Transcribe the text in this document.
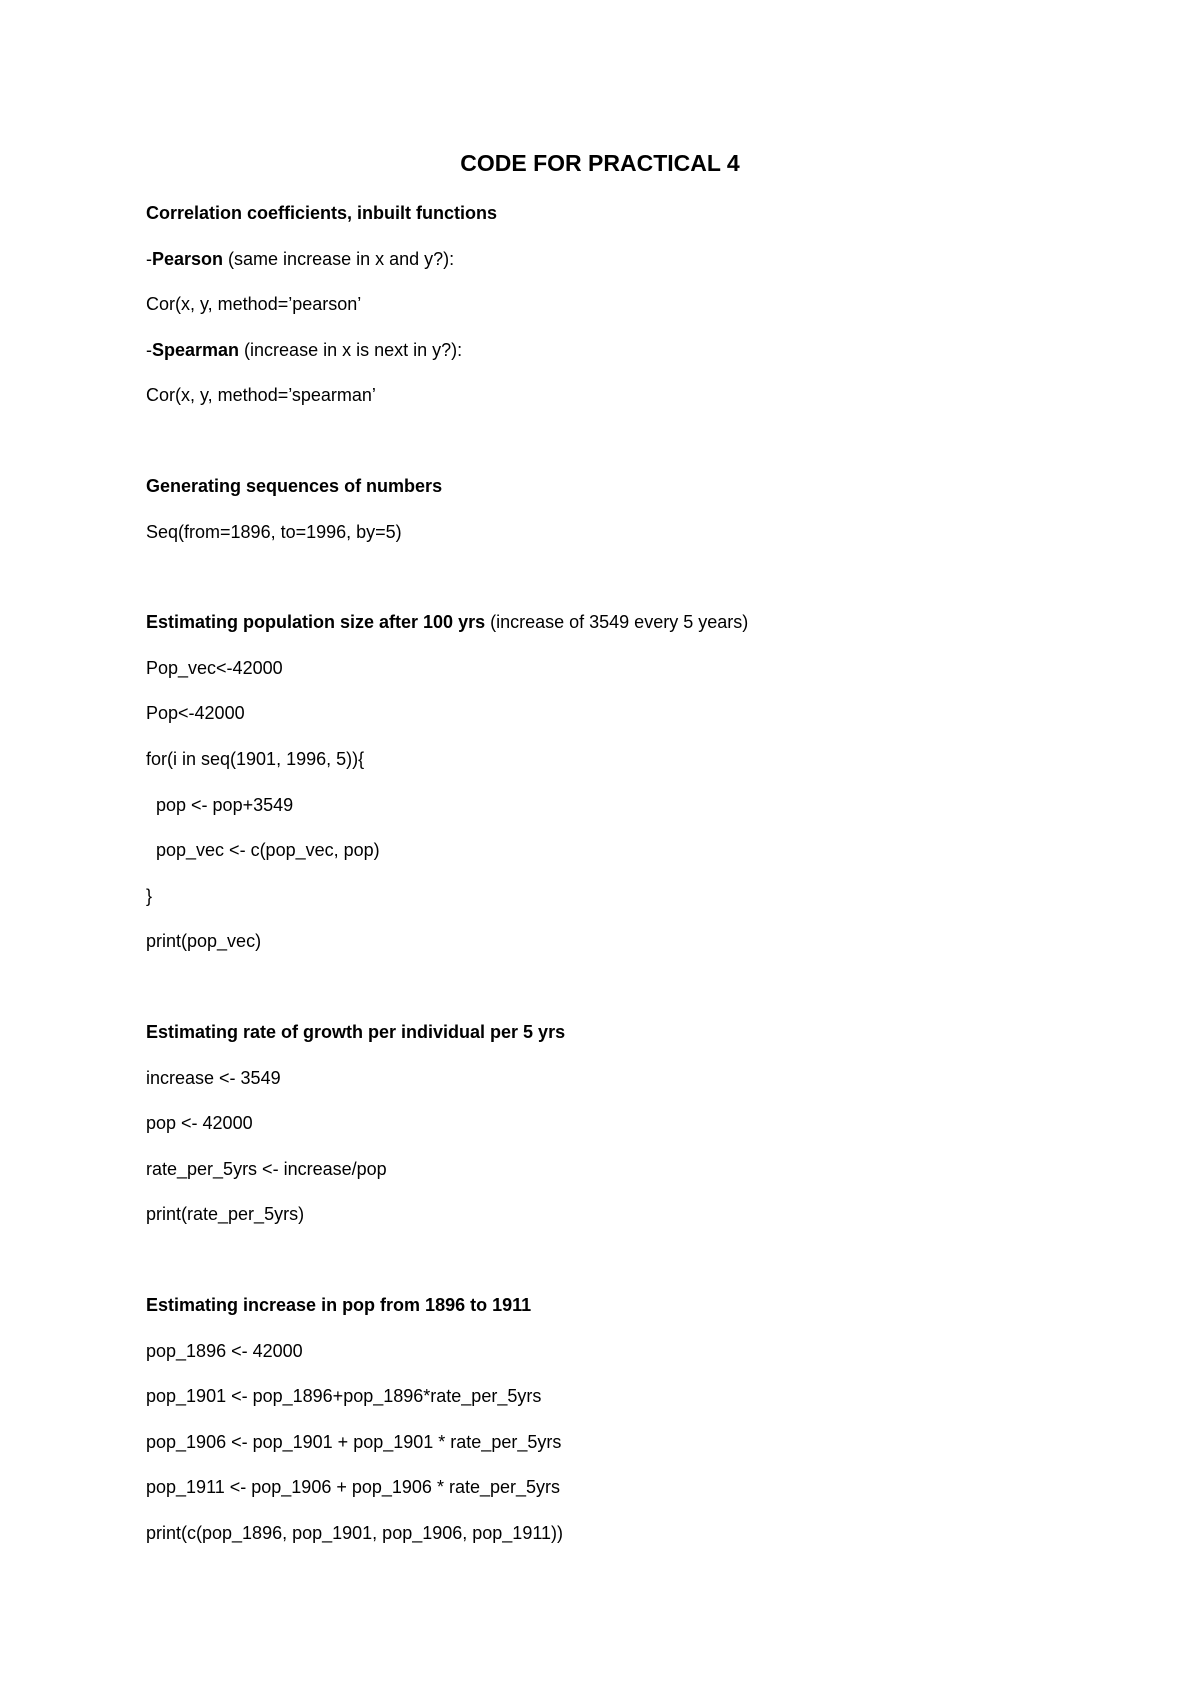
CODE FOR PRACTICAL 4
Correlation coefficients, inbuilt functions
-Pearson (same increase in x and y?):
Cor(x, y, method=’pearson’
-Spearman (increase in x is next in y?):
Cor(x, y, method=’spearman’
Generating sequences of numbers
Seq(from=1896, to=1996, by=5)
Estimating population size after 100 yrs (increase of 3549 every 5 years)
Pop_vec<-42000
Pop<-42000
for(i in seq(1901, 1996, 5)){
pop <- pop+3549
pop_vec <- c(pop_vec, pop)
}
print(pop_vec)
Estimating rate of growth per individual per 5 yrs
increase <- 3549
pop <- 42000
rate_per_5yrs <- increase/pop
print(rate_per_5yrs)
Estimating increase in pop from 1896 to 1911
pop_1896 <- 42000
pop_1901 <- pop_1896+pop_1896*rate_per_5yrs
pop_1906 <- pop_1901 + pop_1901 * rate_per_5yrs
pop_1911 <- pop_1906 + pop_1906 * rate_per_5yrs
print(c(pop_1896, pop_1901, pop_1906, pop_1911))
